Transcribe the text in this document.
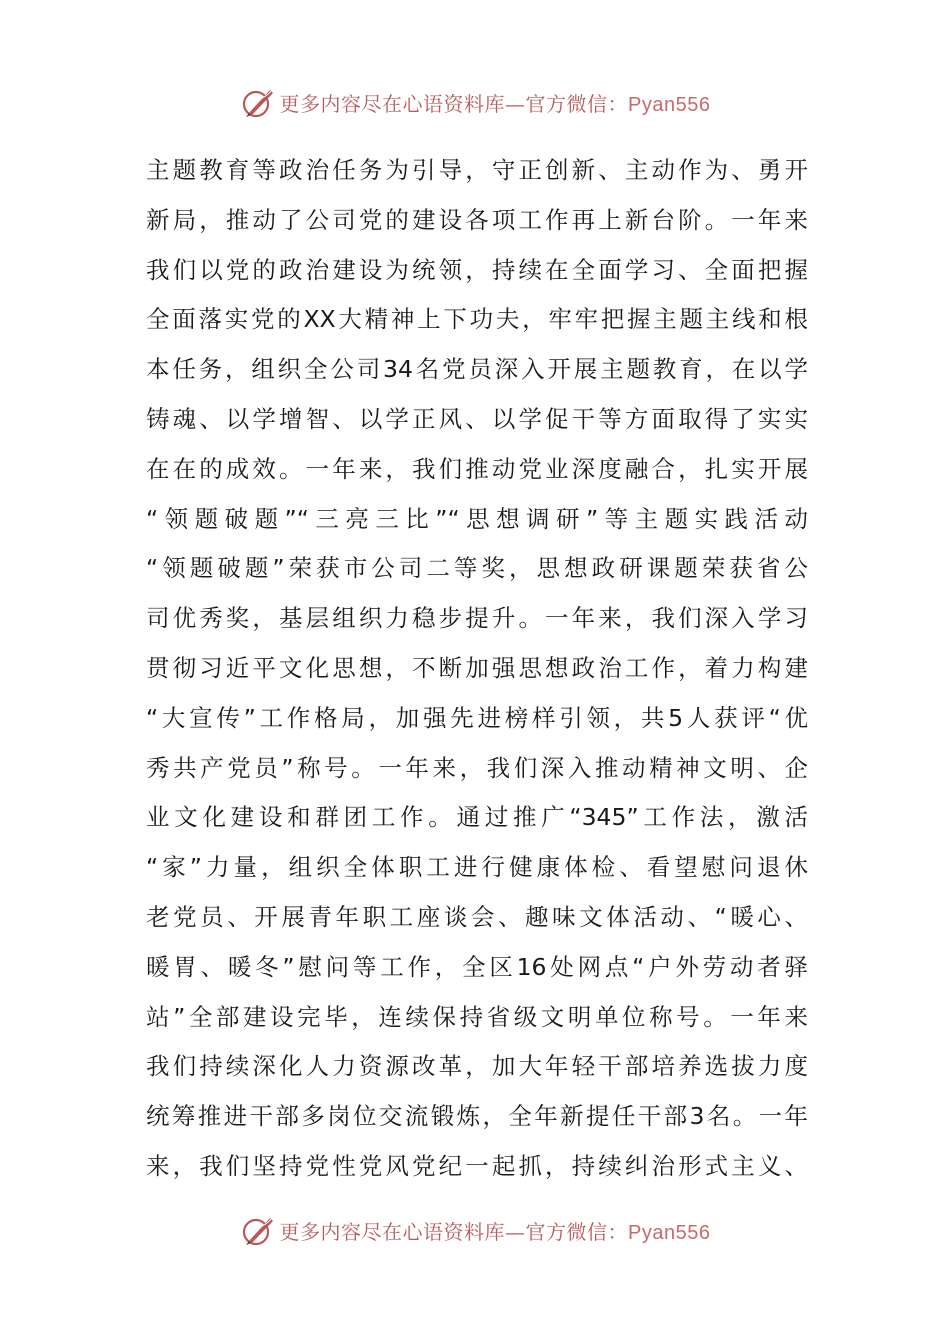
更多内容尽在心语资料库—官方微信：Pyan556
主题教育等政治任务为引导，守正创新、主动作为、勇开
新局，推动了公司党的建设各项工作再上新台阶。一年来
我们以党的政治建设为统领，持续在全面学习、全面把握
全面落实党的XX大精神上下功夫，牢牢把握主题主线和根
本任务，组织全公司34名党员深入开展主题教育，在以学
铸魂、以学增智、以学正风、以学促干等方面取得了实实
在在的成效。一年来，我们推动党业深度融合，扎实开展
“领题破题”“三亮三比”“思想调研”等主题实践活动
“领题破题”荣获市公司二等奖，思想政研课题荣获省公
司优秀奖，基层组织力稳步提升。一年来，我们深入学习
贯彻习近平文化思想，不断加强思想政治工作，着力构建
“大宣传”工作格局，加强先进榜样引领，共5人获评“优
秀共产党员”称号。一年来，我们深入推动精神文明、企
业文化建设和群团工作。通过推广“345”工作法，激活
“家”力量，组织全体职工进行健康体检、看望慰问退休
老党员、开展青年职工座谈会、趣味文体活动、“暖心、
暖胃、暖冬”慰问等工作，全区16处网点“户外劳动者驿
站”全部建设完毕，连续保持省级文明单位称号。一年来
我们持续深化人力资源改革，加大年轻干部培养选拔力度
统筹推进干部多岗位交流锻炼，全年新提任干部3名。一年
来，我们坚持党性党风党纪一起抓，持续纠治形式主义、
更多内容尽在心语资料库—官方微信：Pyan556
